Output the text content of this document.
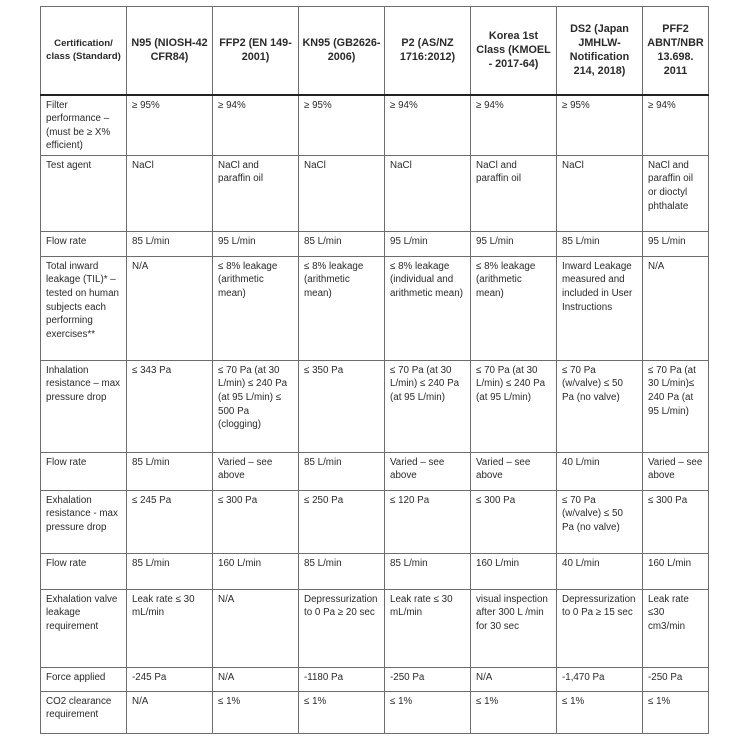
Certification/ class (Standard)	N95 (NIOSH-42 CFR84)	FFP2 (EN 149-2001)	KN95 (GB2626-2006)	P2 (AS/NZ 1716:2012)	Korea 1st Class (KMOEL - 2017-64)	DS2 (Japan JMHLW-Notification 214, 2018)	PFF2 ABNT/NBR 13.698. 2011
Filter performance – (must be ≥ X% efficient)	≥ 95%	≥ 94%	≥ 95%	≥ 94%	≥ 94%	≥ 95%	≥ 94%
Test agent	NaCl	NaCl and paraffin oil	NaCl	NaCl	NaCl and paraffin oil	NaCl	NaCl and paraffin oil or dioctyl phthalate
Flow rate	85 L/min	95 L/min	85 L/min	95 L/min	95 L/min	85 L/min	95 L/min
Total inward leakage (TIL)* – tested on human subjects each performing exercises**	N/A	≤ 8% leakage (arithmetic mean)	≤ 8% leakage (arithmetic mean)	≤ 8% leakage (individual and arithmetic mean)	≤ 8% leakage (arithmetic mean)	Inward Leakage measured and included in User Instructions	N/A
Inhalation resistance – max pressure drop	≤ 343 Pa	≤ 70 Pa (at 30 L/min) ≤ 240 Pa (at 95 L/min) ≤ 500 Pa (clogging)	≤ 350 Pa	≤ 70 Pa (at 30 L/min) ≤ 240 Pa (at 95 L/min)	≤ 70 Pa (at 30 L/min) ≤ 240 Pa (at 95 L/min)	≤ 70 Pa (w/valve) ≤ 50 Pa (no valve)	≤ 70 Pa (at 30 L/min)≤ 240 Pa (at 95 L/min)
Flow rate	85 L/min	Varied – see above	85 L/min	Varied – see above	Varied – see above	40 L/min	Varied – see above
Exhalation resistance - max pressure drop	≤ 245 Pa	≤ 300 Pa	≤ 250 Pa	≤ 120 Pa	≤ 300 Pa	≤ 70 Pa (w/valve) ≤ 50 Pa (no valve)	≤ 300 Pa
Flow rate	85 L/min	160 L/min	85 L/min	85 L/min	160 L/min	40 L/min	160 L/min
Exhalation valve leakage requirement	Leak rate ≤ 30 mL/min	N/A	Depressurization to 0 Pa ≥ 20 sec	Leak rate ≤ 30 mL/min	visual inspection after 300 L /min for 30 sec	Depressurization to 0 Pa ≥ 15 sec	Leak rate ≤30 cm3/min
Force applied	-245 Pa	N/A	-1180 Pa	-250 Pa	N/A	-1,470 Pa	-250 Pa
CO2 clearance requirement	N/A	≤ 1%	≤ 1%	≤ 1%	≤ 1%	≤ 1%	≤ 1%
